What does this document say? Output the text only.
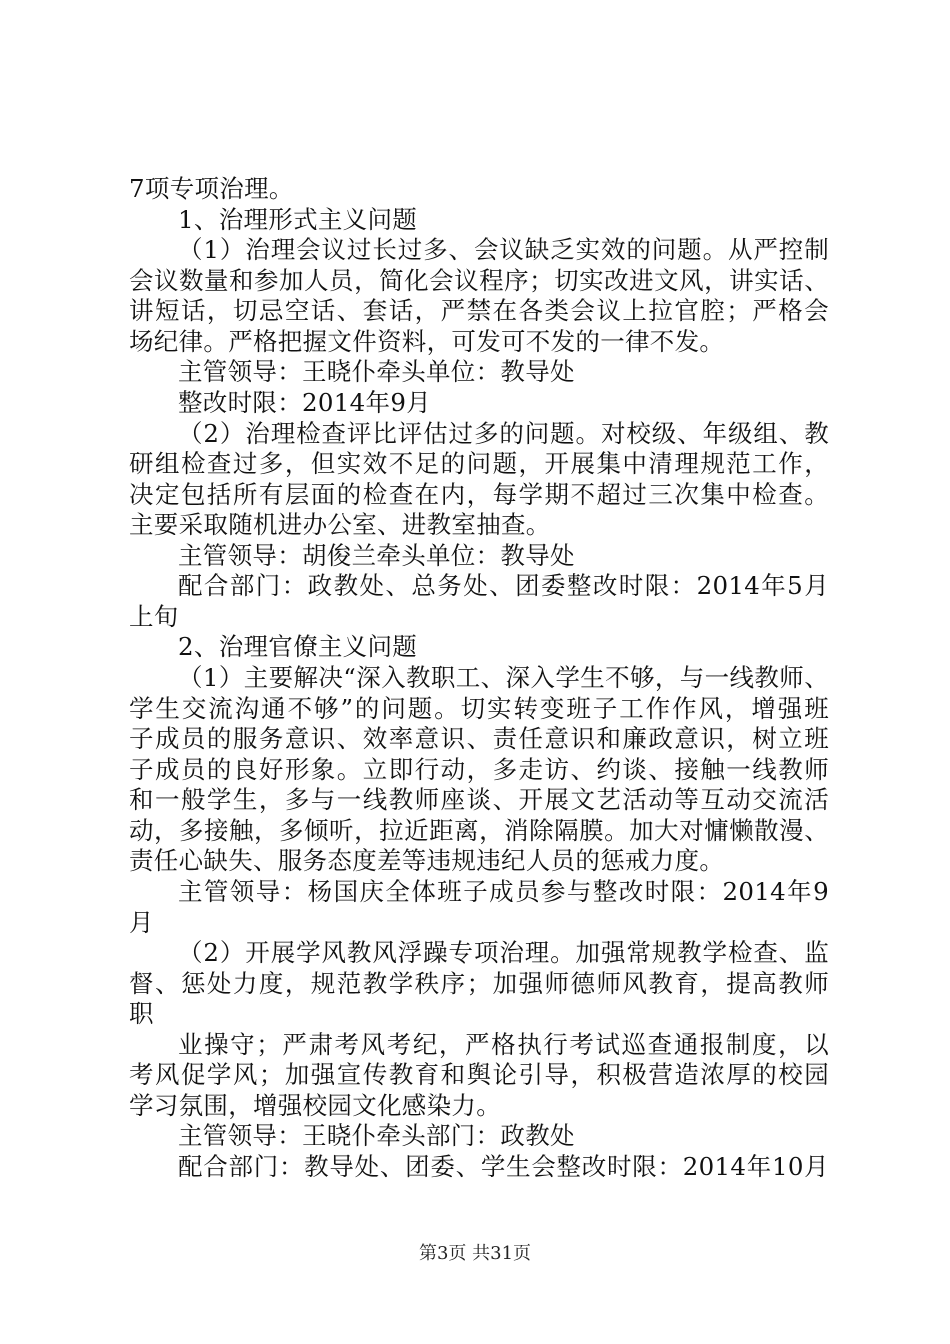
7项专项治理。
1、治理形式主义问题
（1）治理会议过长过多、会议缺乏实效的问题。从严控制
会议数量和参加人员，简化会议程序；切实改进文风，讲实话、
讲短话，切忌空话、套话，严禁在各类会议上拉官腔；严格会
场纪律。严格把握文件资料，可发可不发的一律不发。
主管领导：王晓仆牵头单位：教导处
整改时限：2014年9月
（2）治理检查评比评估过多的问题。对校级、年级组、教
研组检查过多，但实效不足的问题，开展集中清理规范工作，
决定包括所有层面的检查在内，每学期不超过三次集中检查。
主要采取随机进办公室、进教室抽查。
主管领导：胡俊兰牵头单位：教导处
配合部门：政教处、总务处、团委整改时限：2014年5月
上旬
2、治理官僚主义问题
（1）主要解决“深入教职工、深入学生不够，与一线教师、
学生交流沟通不够”的问题。切实转变班子工作作风，增强班
子成员的服务意识、效率意识、责任意识和廉政意识，树立班
子成员的良好形象。立即行动，多走访、约谈、接触一线教师
和一般学生，多与一线教师座谈、开展文艺活动等互动交流活
动，多接触，多倾听，拉近距离，消除隔膜。加大对慵懒散漫、
责任心缺失、服务态度差等违规违纪人员的惩戒力度。
主管领导：杨国庆全体班子成员参与整改时限：2014年9
月
（2）开展学风教风浮躁专项治理。加强常规教学检查、监
督、惩处力度，规范教学秩序；加强师德师风教育，提高教师
职
业操守；严肃考风考纪，严格执行考试巡查通报制度，以
考风促学风；加强宣传教育和舆论引导，积极营造浓厚的校园
学习氛围，增强校园文化感染力。
主管领导：王晓仆牵头部门：政教处
配合部门：教导处、团委、学生会整改时限：2014年10月
第3页 共31页
